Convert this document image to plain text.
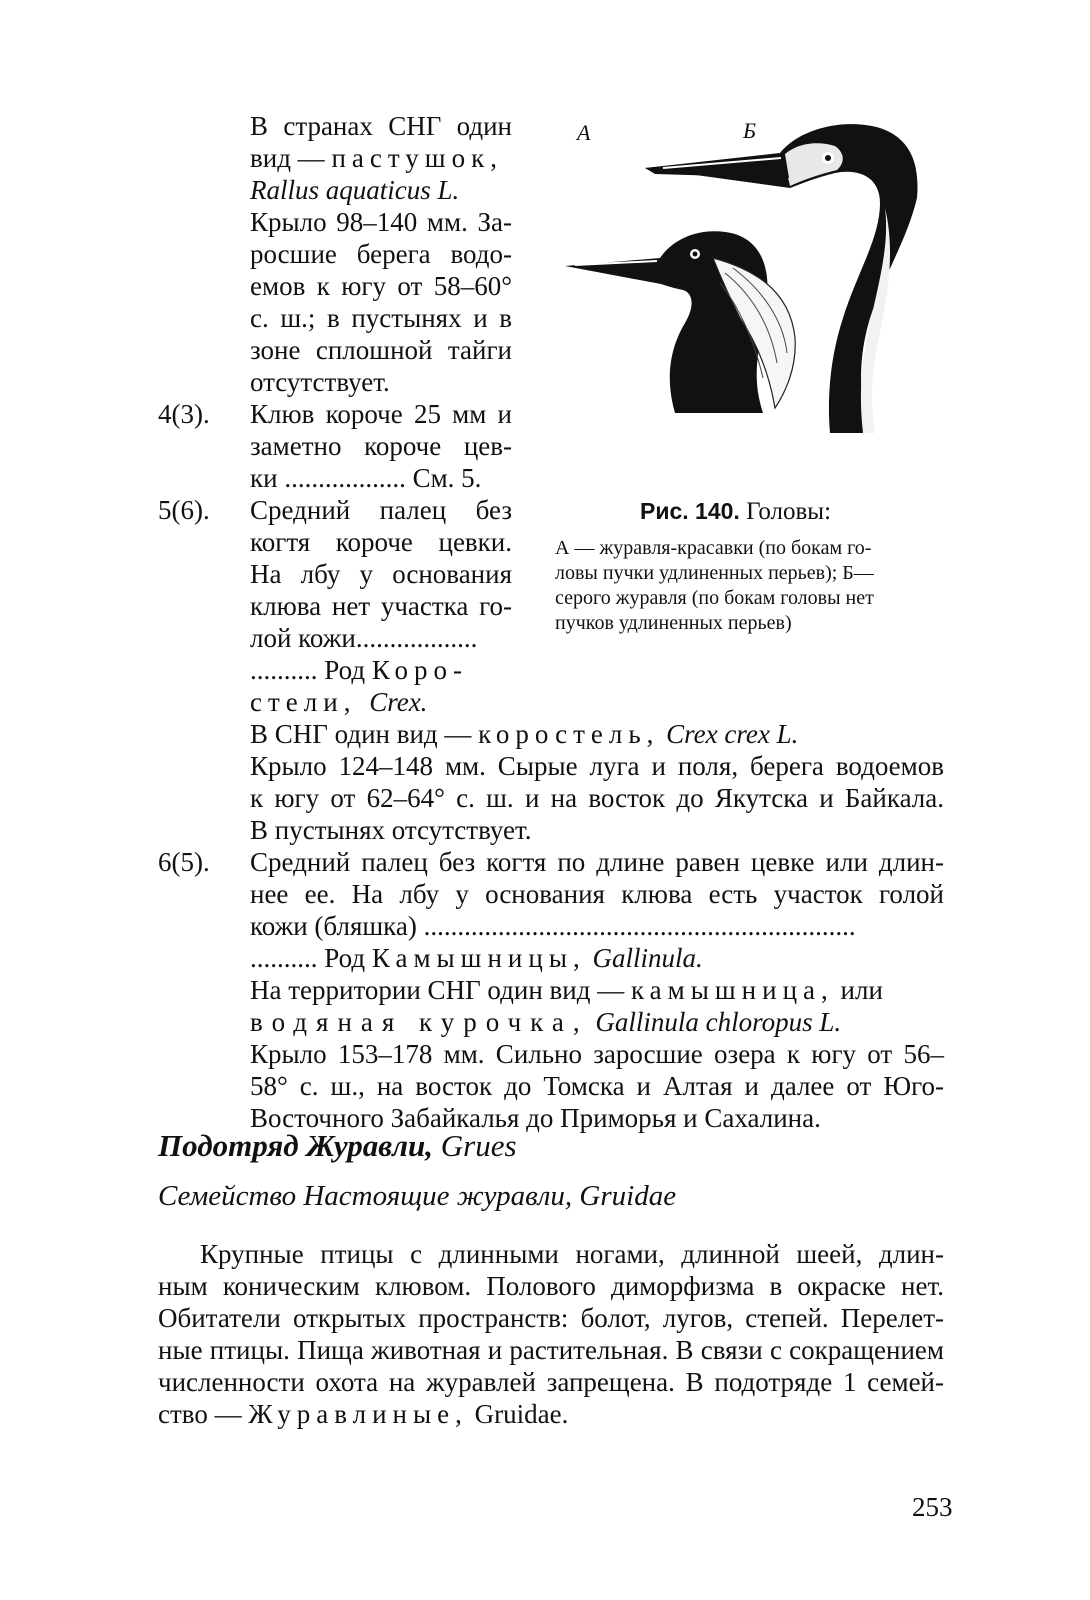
В странах СНГ один
вид — пастушок,
Rallus aquaticus L.
Крыло 98–140 мм. За-
росшие берега водо-
емов к югу от 58–60°
с. ш.; в пустынях и в
зоне сплошной тайги
отсутствует.
4(3). Клюв короче 25 мм и
заметно короче цев-
ки .................. См. 5.
5(6). Средний палец без
когтя короче цевки.
На лбу у основания
клюва нет участка го-
лой кожи..................
.......... Род Коро-
стели, Crex.
А	Б
Рис. 140. Головы:
А — журавля-красавки (по бокам го-
ловы пучки удлиненных перьев); Б—
серого журавля (по бокам головы нет
пучков удлиненных перьев)
В СНГ один вид — коростель, Crex crex L.
Крыло 124–148 мм. Сырые луга и поля, берега водоемов
к югу от 62–64° с. ш. и на восток до Якутска и Байкала.
В пустынях отсутствует.
6(5). Средний палец без когтя по длине равен цевке или длин-
нее ее. На лбу у основания клюва есть участок голой
кожи (бляшка) ................................................................
.......... Род Камышницы, Gallinula.
На территории СНГ один вид — камышница, или
водяная курочка, Gallinula chloropus L.
Крыло 153–178 мм. Сильно заросшие озера к югу от 56–
58° с. ш., на восток до Томска и Алтая и далее от Юго-
Восточного Забайкалья до Приморья и Сахалина.
Подотряд Журавли, Grues
Семейство Настоящие журавли, Gruidae
Крупные птицы с длинными ногами, длинной шеей, длин-
ным коническим клювом. Полового диморфизма в окраске нет.
Обитатели открытых пространств: болот, лугов, степей. Перелет-
ные птицы. Пища животная и растительная. В связи с сокращением
численности охота на журавлей запрещена. В подотряде 1 семей-
ство — Журавлиные, Gruidae.
253
